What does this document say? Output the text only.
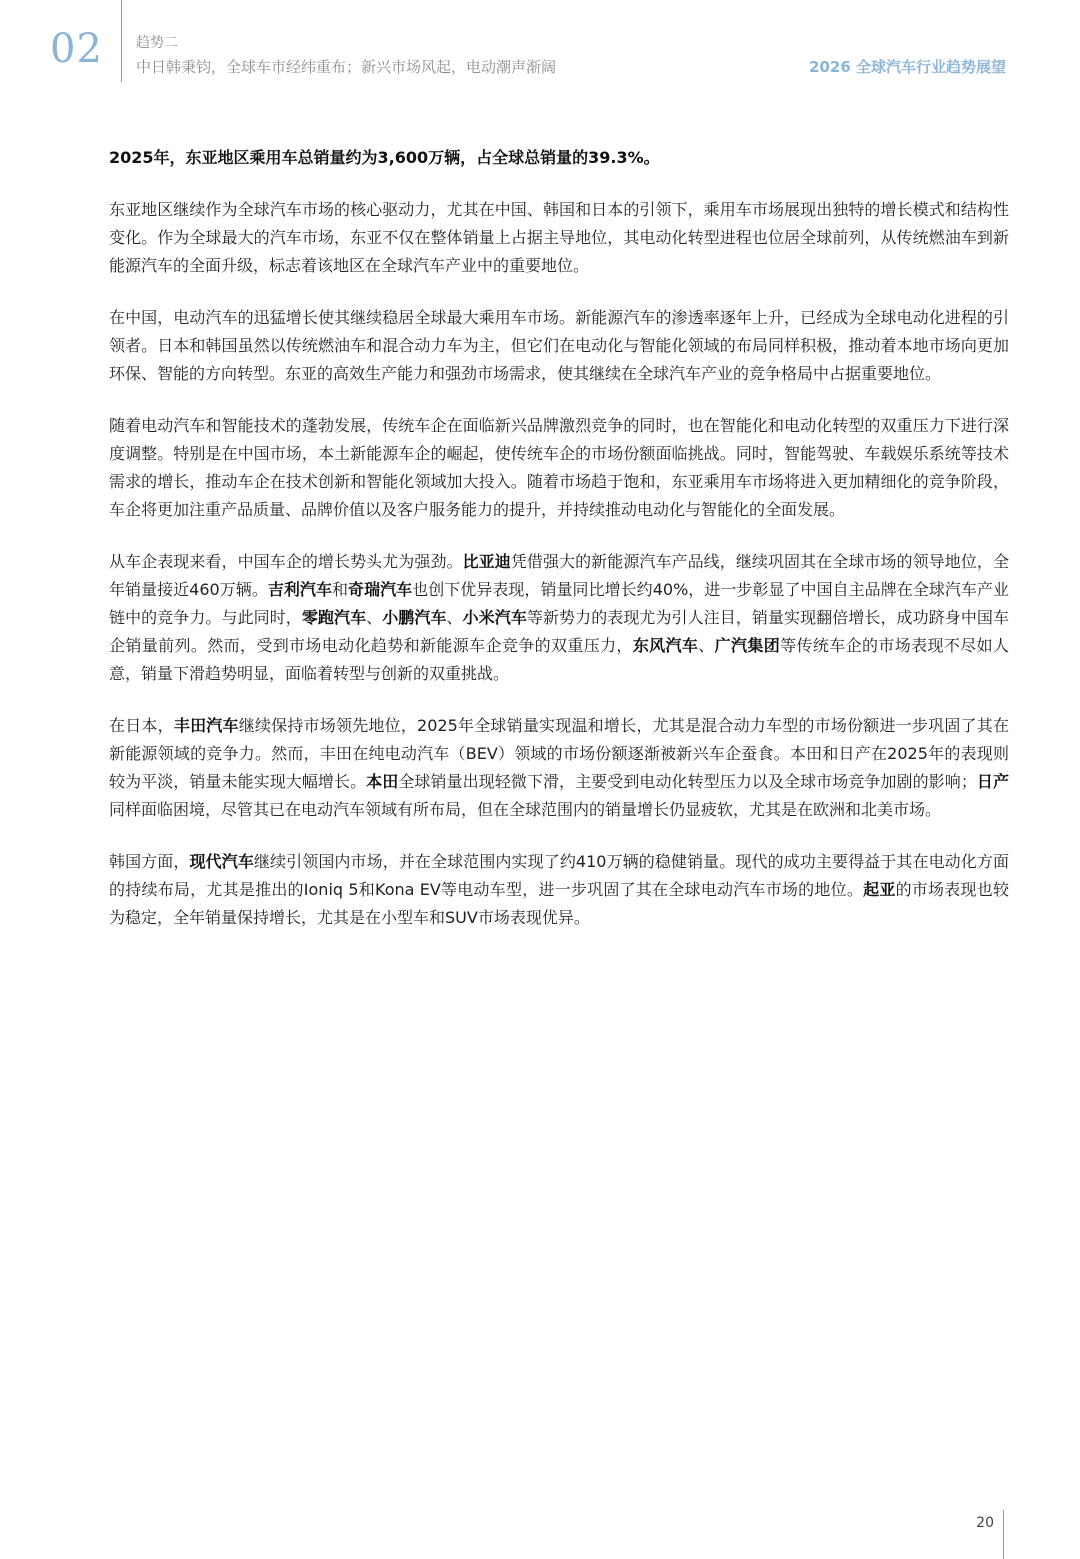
02 趋势二
中日韩秉钧，全球车市经纬重布；新兴市场风起，电动潮声渐阔	2026 全球汽车行业趋势展望

2025年，东亚地区乘用车总销量约为3,600万辆，占全球总销量的39.3%。

东亚地区继续作为全球汽车市场的核心驱动力，尤其在中国、韩国和日本的引领下，乘用车市场展现出独特的增长模式和结构性变化。作为全球最大的汽车市场，东亚不仅在整体销量上占据主导地位，其电动化转型进程也位居全球前列，从传统燃油车到新能源汽车的全面升级，标志着该地区在全球汽车产业中的重要地位。

在中国，电动汽车的迅猛增长使其继续稳居全球最大乘用车市场。新能源汽车的渗透率逐年上升，已经成为全球电动化进程的引领者。日本和韩国虽然以传统燃油车和混合动力车为主，但它们在电动化与智能化领域的布局同样积极，推动着本地市场向更加环保、智能的方向转型。东亚的高效生产能力和强劲市场需求，使其继续在全球汽车产业的竞争格局中占据重要地位。

随着电动汽车和智能技术的蓬勃发展，传统车企在面临新兴品牌激烈竞争的同时，也在智能化和电动化转型的双重压力下进行深度调整。特别是在中国市场，本土新能源车企的崛起，使传统车企的市场份额面临挑战。同时，智能驾驶、车载娱乐系统等技术需求的增长，推动车企在技术创新和智能化领域加大投入。随着市场趋于饱和，东亚乘用车市场将进入更加精细化的竞争阶段，车企将更加注重产品质量、品牌价值以及客户服务能力的提升，并持续推动电动化与智能化的全面发展。

从车企表现来看，中国车企的增长势头尤为强劲。比亚迪凭借强大的新能源汽车产品线，继续巩固其在全球市场的领导地位，全年销量接近460万辆。吉利汽车和奇瑞汽车也创下优异表现，销量同比增长约40%，进一步彰显了中国自主品牌在全球汽车产业链中的竞争力。与此同时，零跑汽车、小鹏汽车、小米汽车等新势力的表现尤为引人注目，销量实现翻倍增长，成功跻身中国车企销量前列。然而，受到市场电动化趋势和新能源车企竞争的双重压力，东风汽车、广汽集团等传统车企的市场表现不尽如人意，销量下滑趋势明显，面临着转型与创新的双重挑战。

在日本，丰田汽车继续保持市场领先地位，2025年全球销量实现温和增长，尤其是混合动力车型的市场份额进一步巩固了其在新能源领域的竞争力。然而，丰田在纯电动汽车（BEV）领域的市场份额逐渐被新兴车企蚕食。本田和日产在2025年的表现则较为平淡，销量未能实现大幅增长。本田全球销量出现轻微下滑，主要受到电动化转型压力以及全球市场竞争加剧的影响；日产同样面临困境，尽管其已在电动汽车领域有所布局，但在全球范围内的销量增长仍显疲软，尤其是在欧洲和北美市场。

韩国方面，现代汽车继续引领国内市场，并在全球范围内实现了约410万辆的稳健销量。现代的成功主要得益于其在电动化方面的持续布局，尤其是推出的Ioniq 5和Kona EV等电动车型，进一步巩固了其在全球电动汽车市场的地位。起亚的市场表现也较为稳定，全年销量保持增长，尤其是在小型车和SUV市场表现优异。

20
